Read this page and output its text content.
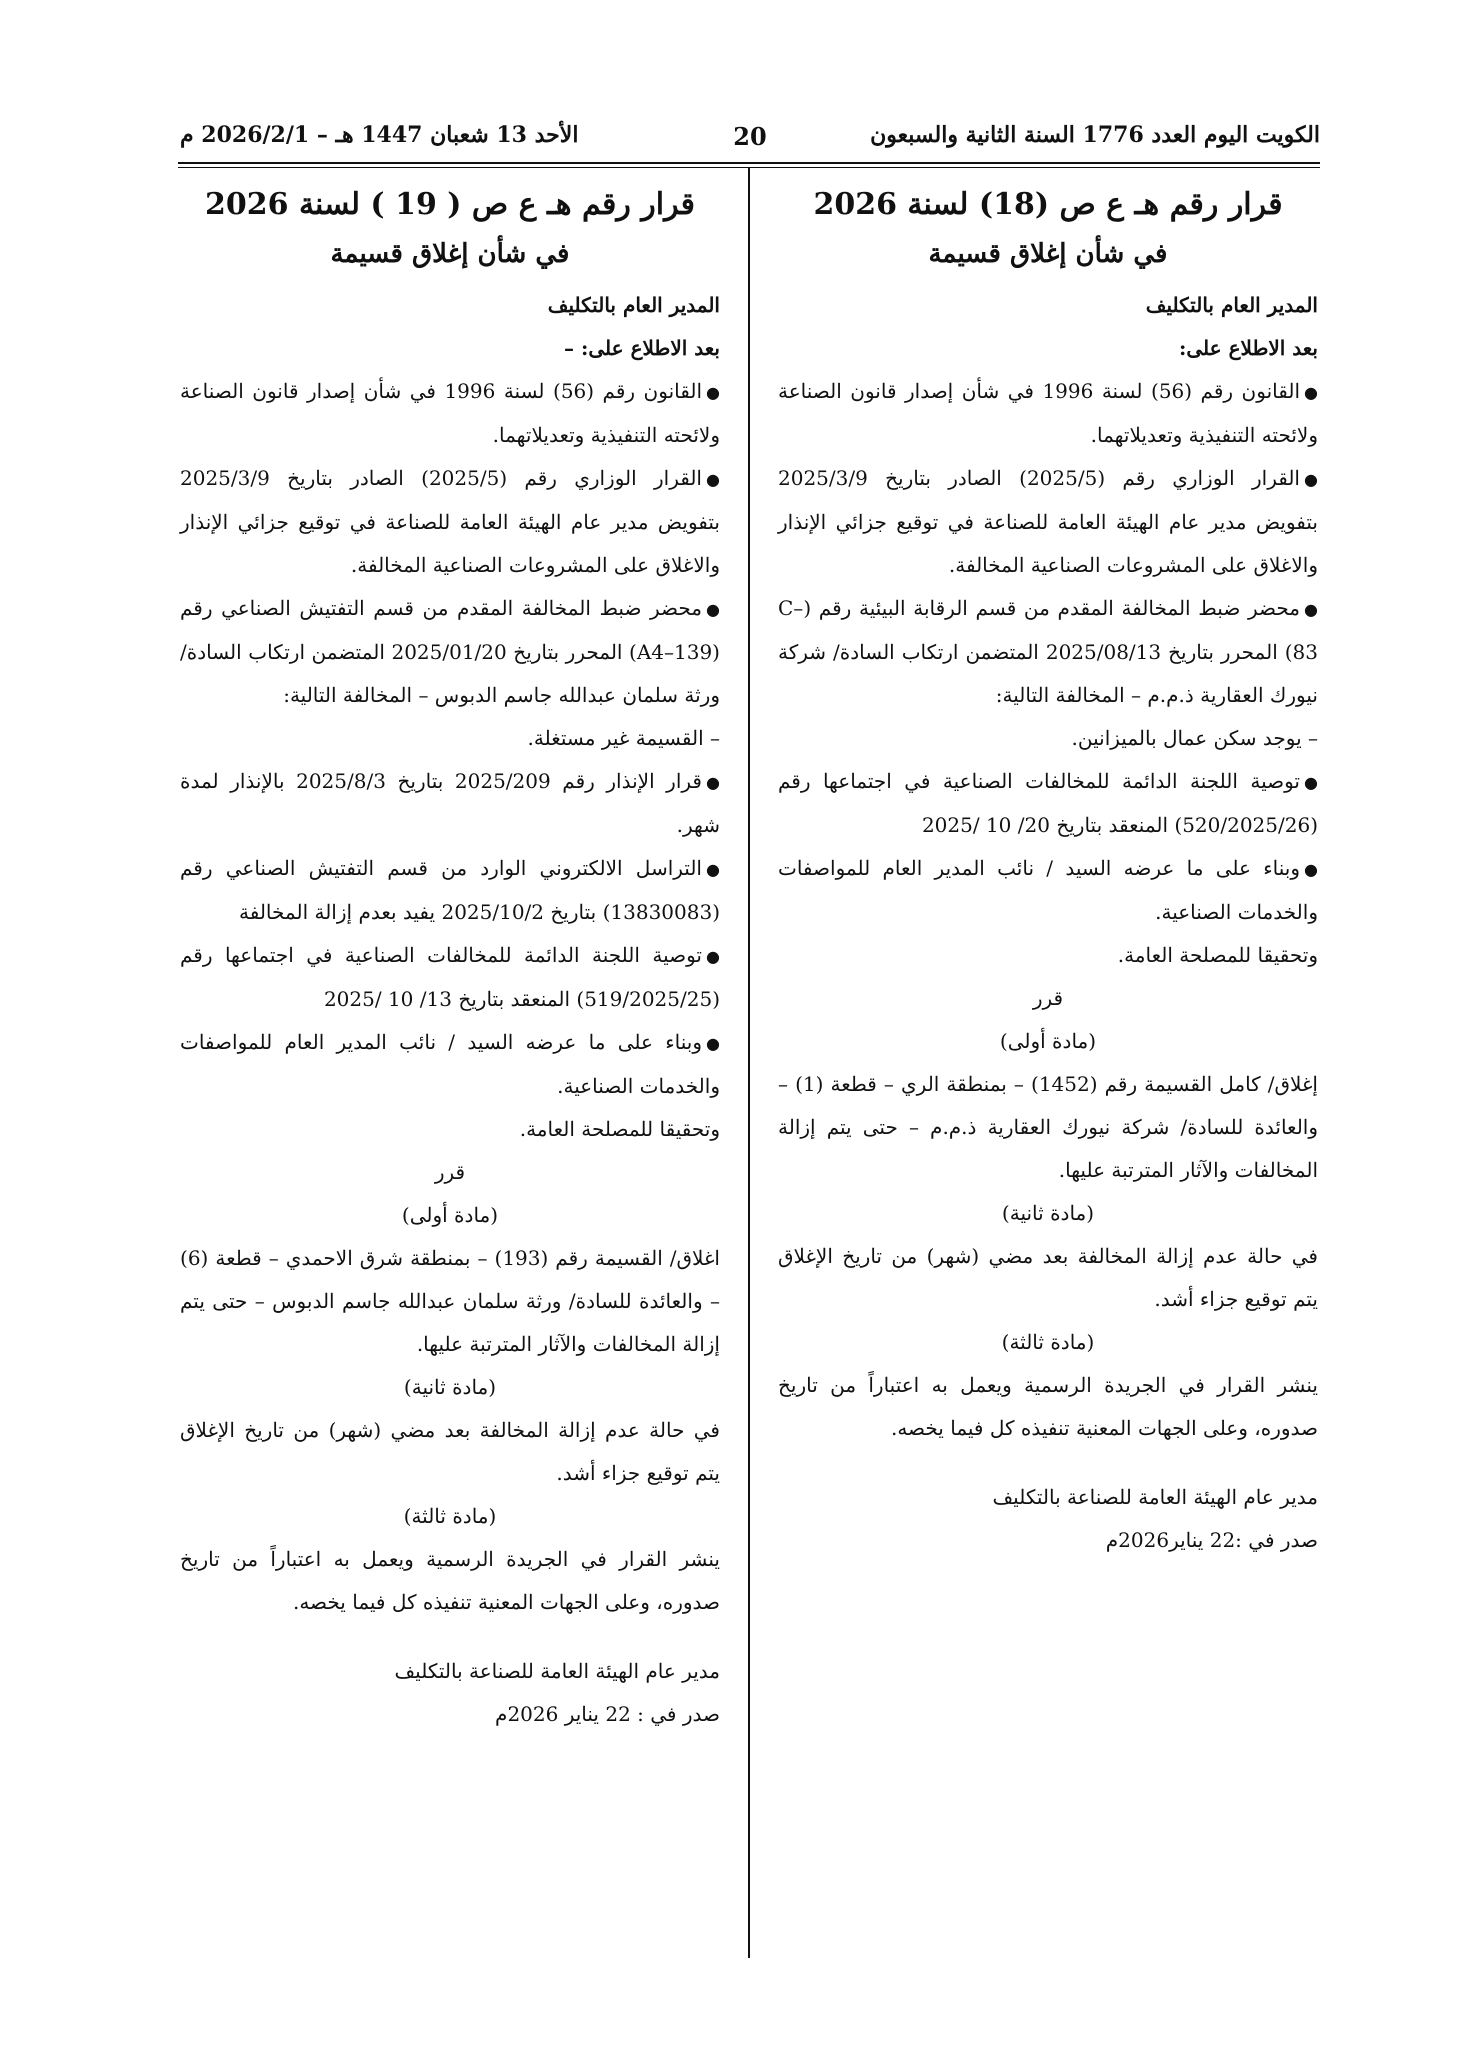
الكويت اليوم العدد 1776 السنة الثانية والسبعون
20
الأحد 13 شعبان 1447 هـ – 2026/2/1 م

قرار رقم هـ ع ص (18) لسنة 2026

في شأن إغلاق قسيمة

المدير العام بالتكليف

بعد الاطلاع على:

●القانون رقم (56) لسنة 1996 في شأن إصدار قانون الصناعة ولائحته التنفيذية وتعديلاتهما.

●القرار الوزاري رقم (2025/5) الصادر بتاريخ 2025/3/9 بتفويض مدير عام الهيئة العامة للصناعة في توقيع جزائي الإنذار والاغلاق على المشروعات الصناعية المخالفة.

●محضر ضبط المخالفة المقدم من قسم الرقابة البيئية رقم (C–83) المحرر بتاريخ 2025/08/13 المتضمن ارتكاب السادة/ شركة نيورك العقارية ذ.م.م – المخالفة التالية:

– يوجد سكن عمال بالميزانين.

●توصية اللجنة الدائمة للمخالفات الصناعية في اجتماعها رقم (520/2025/26) المنعقد بتاريخ 20/ 10 /2025

●وبناء على ما عرضه السيد / نائب المدير العام للمواصفات والخدمات الصناعية.

وتحقيقا للمصلحة العامة.

قرر

(مادة أولى)

إغلاق/ كامل القسيمة رقم (1452) – بمنطقة الري – قطعة (1) – والعائدة للسادة/ شركة نيورك العقارية ذ.م.م – حتى يتم إزالة المخالفات والآثار المترتبة عليها.

(مادة ثانية)

في حالة عدم إزالة المخالفة بعد مضي (شهر) من تاريخ الإغلاق يتم توقيع جزاء أشد.

(مادة ثالثة)

ينشر القرار في الجريدة الرسمية ويعمل به اعتباراً من تاريخ صدوره، وعلى الجهات المعنية تنفيذه كل فيما يخصه.

مدير عام الهيئة العامة للصناعة بالتكليف

صدر في :22 يناير2026م

قرار رقم هـ ع ص ( 19 ) لسنة 2026

في شأن إغلاق قسيمة

المدير العام بالتكليف

بعد الاطلاع على: –

●القانون رقم (56) لسنة 1996 في شأن إصدار قانون الصناعة ولائحته التنفيذية وتعديلاتهما.

●القرار الوزاري رقم (2025/5) الصادر بتاريخ 2025/3/9 بتفويض مدير عام الهيئة العامة للصناعة في توقيع جزائي الإنذار والاغلاق على المشروعات الصناعية المخالفة.

●محضر ضبط المخالفة المقدم من قسم التفتيش الصناعي رقم (A4–139) المحرر بتاريخ 2025/01/20 المتضمن ارتكاب السادة/ ورثة سلمان عبدالله جاسم الدبوس – المخالفة التالية:

– القسيمة غير مستغلة.

●قرار الإنذار رقم 2025/209 بتاريخ 2025/8/3 بالإنذار لمدة شهر.

●التراسل الالكتروني الوارد من قسم التفتيش الصناعي رقم (13830083) بتاريخ 2025/10/2 يفيد بعدم إزالة المخالفة

●توصية اللجنة الدائمة للمخالفات الصناعية في اجتماعها رقم (519/2025/25) المنعقد بتاريخ 13/ 10 /2025

●وبناء على ما عرضه السيد / نائب المدير العام للمواصفات والخدمات الصناعية.

وتحقيقا للمصلحة العامة.

قرر

(مادة أولى)

اغلاق/ القسيمة رقم (193) – بمنطقة شرق الاحمدي – قطعة (6) – والعائدة للسادة/ ورثة سلمان عبدالله جاسم الدبوس – حتى يتم إزالة المخالفات والآثار المترتبة عليها.

(مادة ثانية)

في حالة عدم إزالة المخالفة بعد مضي (شهر) من تاريخ الإغلاق يتم توقيع جزاء أشد.

(مادة ثالثة)

ينشر القرار في الجريدة الرسمية ويعمل به اعتباراً من تاريخ صدوره، وعلى الجهات المعنية تنفيذه كل فيما يخصه.

مدير عام الهيئة العامة للصناعة بالتكليف

صدر في : 22 يناير 2026م
